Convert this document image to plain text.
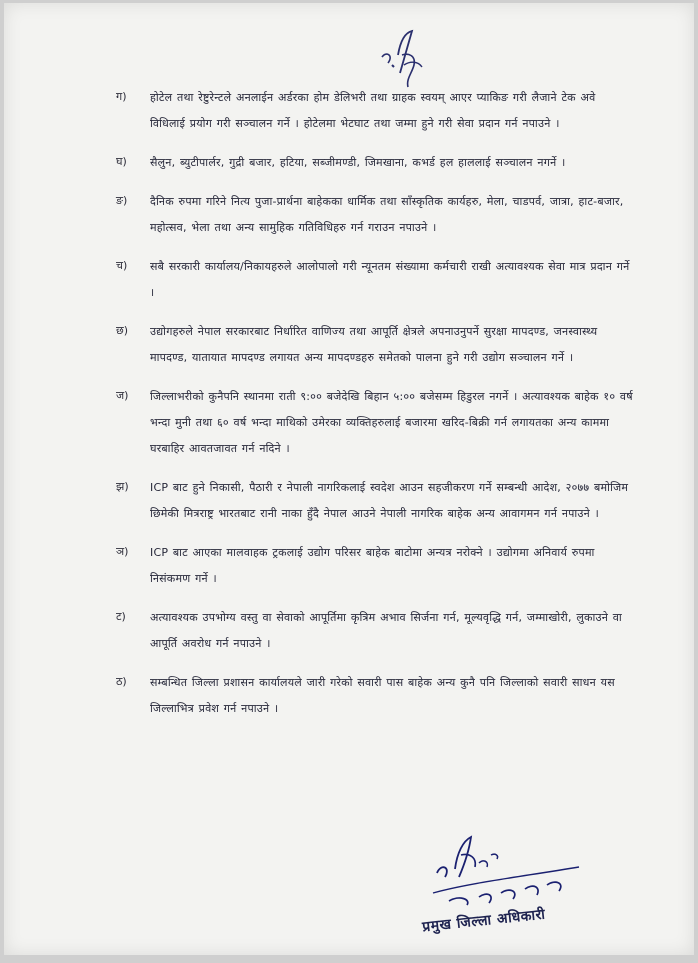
ग) होटेल तथा रेष्टुरेन्टले अनलाईन अर्डरका होम डेलिभरी तथा ग्राहक स्वयम् आएर प्याकिङ गरी लैजाने टेक अवे विधिलाई प्रयोग गरी सञ्चालन गर्ने । होटेलमा भेटघाट तथा जम्मा हुने गरी सेवा प्रदान गर्न नपाउने ।
घ) सैलुन, ब्युटीपार्लर, गुद्री बजार, हटिया, सब्जीमण्डी, जिमखाना, कभर्ड हल हाललाई सञ्चालन नगर्ने ।
ङ) दैनिक रुपमा गरिने नित्य पुजा-प्रार्थना बाहेकका धार्मिक तथा साँस्कृतिक कार्यहरु, मेला, चाडपर्व, जात्रा, हाट-बजार, महोत्सव, भेला तथा अन्य सामुहिक गतिविधिहरु गर्न गराउन नपाउने ।
च) सबै सरकारी कार्यालय/निकायहरुले आलोपालो गरी न्यूनतम संख्यामा कर्मचारी राखी अत्यावश्यक सेवा मात्र प्रदान गर्ने ।
छ) उद्योगहरुले नेपाल सरकारबाट निर्धारित वाणिज्य तथा आपूर्ति क्षेत्रले अपनाउनुपर्ने सुरक्षा मापदण्ड, जनस्वास्थ्य मापदण्ड, यातायात मापदण्ड लगायत अन्य मापदण्डहरु समेतको पालना हुने गरी उद्योग सञ्चालन गर्ने ।
ज) जिल्लाभरीको कुनैपनि स्थानमा राती ९:०० बजेदेखि बिहान ५:०० बजेसम्म हिडुरल नगर्ने । अत्यावश्यक बाहेक १० वर्ष भन्दा मुनी तथा ६० वर्ष भन्दा माथिको उमेरका व्यक्तिहरुलाई बजारमा खरिद-बिक्री गर्न लगायतका अन्य काममा घरबाहिर आवतजावत गर्न नदिने ।
झ) ICP बाट हुने निकासी, पैठारी र नेपाली नागरिकलाई स्वदेश आउन सहजीकरण गर्ने सम्बन्धी आदेश, २०७७ बमोजिम छिमेकी मित्रराष्ट्र भारतबाट रानी नाका हुँदै नेपाल आउने नेपाली नागरिक बाहेक अन्य आवागमन गर्न नपाउने ।
ञ) ICP बाट आएका मालवाहक ट्रकलाई उद्योग परिसर बाहेक बाटोमा अन्यत्र नरोक्ने । उद्योगमा अनिवार्य रुपमा निसंकमण गर्ने ।
ट) अत्यावश्यक उपभोग्य वस्तु वा सेवाको आपूर्तिमा कृत्रिम अभाव सिर्जना गर्न, मूल्यवृद्धि गर्न, जम्माखोरी, लुकाउने वा आपूर्ति अवरोध गर्न नपाउने ।
ठ) सम्बन्धित जिल्ला प्रशासन कार्यालयले जारी गरेको सवारी पास बाहेक अन्य कुनै पनि जिल्लाको सवारी साधन यस जिल्लाभित्र प्रवेश गर्न नपाउने ।
प्रमुख जिल्ला अधिकारी
